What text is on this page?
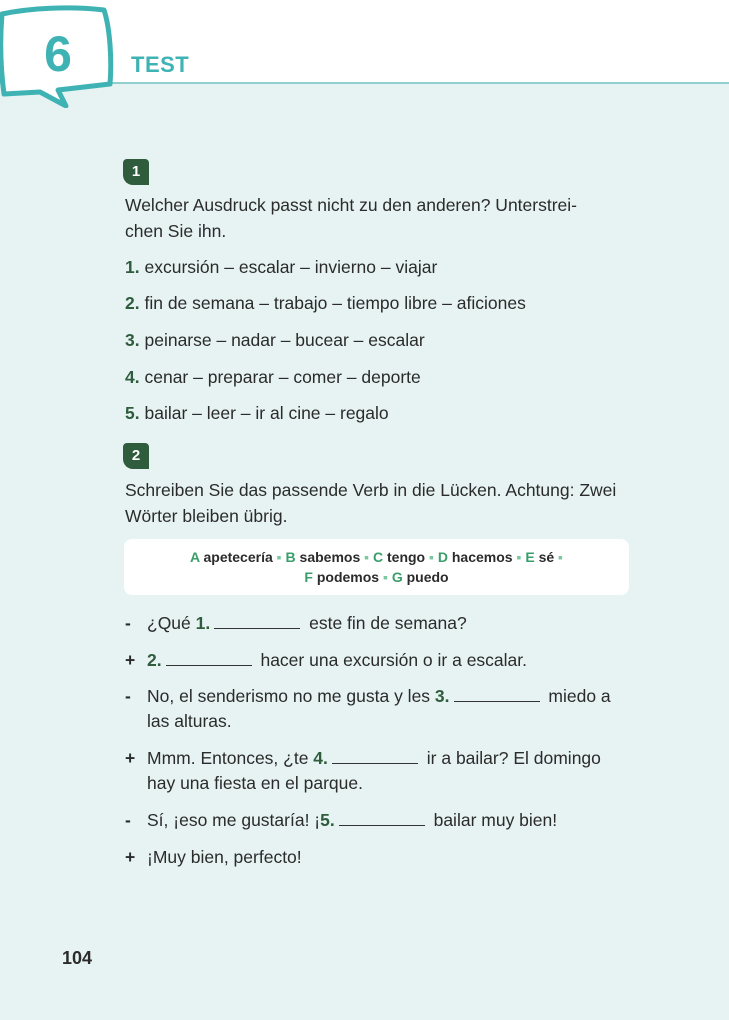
6	TEST
1
Welcher Ausdruck passt nicht zu den anderen? Unterstrei-
chen Sie ihn.
1. excursión – escalar – invierno – viajar
2. fin de semana – trabajo – tiempo libre – aficiones
3. peinarse – nadar – bucear – escalar
4. cenar – preparar – comer – deporte
5. bailar – leer – ir al cine – regalo
2
Schreiben Sie das passende Verb in die Lücken. Achtung: Zwei
Wörter bleiben übrig.
A apetecería ▪ B sabemos ▪ C tengo ▪ D hacemos ▪ E sé ▪
F podemos ▪ G puedo
- ¿Qué 1.	este fin de semana?
+ 2.	hacer una excursión o ir a escalar.
- No, el senderismo no me gusta y les 3.	miedo a
las alturas.
+ Mmm. Entonces, ¿te 4.	ir a bailar? El domingo
hay una fiesta en el parque.
- Sí, ¡eso me gustaría! ¡5.	bailar muy bien!
+ ¡Muy bien, perfecto!
104
